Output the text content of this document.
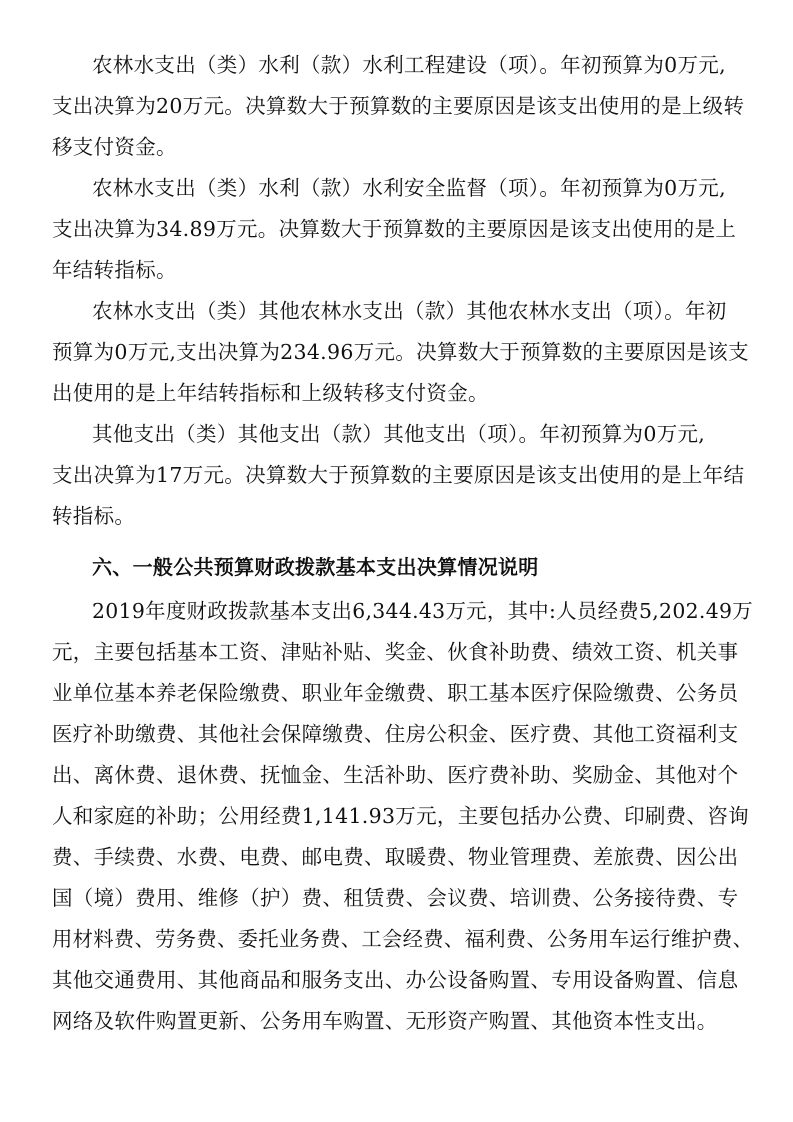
农林水支出（类）水利（款）水利工程建设（项）。年初预算为0万元,
支出决算为20万元。决算数大于预算数的主要原因是该支出使用的是上级转
移支付资金。
农林水支出（类）水利（款）水利安全监督（项）。年初预算为0万元,
支出决算为34.89万元。决算数大于预算数的主要原因是该支出使用的是上
年结转指标。
农林水支出（类）其他农林水支出（款）其他农林水支出（项）。年初
预算为0万元,支出决算为234.96万元。决算数大于预算数的主要原因是该支
出使用的是上年结转指标和上级转移支付资金。
其他支出（类）其他支出（款）其他支出（项）。年初预算为0万元,
支出决算为17万元。决算数大于预算数的主要原因是该支出使用的是上年结
转指标。
六、一般公共预算财政拨款基本支出决算情况说明
2019年度财政拨款基本支出6,344.43万元，其中:人员经费5,202.49万
元，主要包括基本工资、津贴补贴、奖金、伙食补助费、绩效工资、机关事
业单位基本养老保险缴费、职业年金缴费、职工基本医疗保险缴费、公务员
医疗补助缴费、其他社会保障缴费、住房公积金、医疗费、其他工资福利支
出、离休费、退休费、抚恤金、生活补助、医疗费补助、奖励金、其他对个
人和家庭的补助；公用经费1,141.93万元，主要包括办公费、印刷费、咨询
费、手续费、水费、电费、邮电费、取暖费、物业管理费、差旅费、因公出
国（境）费用、维修（护）费、租赁费、会议费、培训费、公务接待费、专
用材料费、劳务费、委托业务费、工会经费、福利费、公务用车运行维护费、
其他交通费用、其他商品和服务支出、办公设备购置、专用设备购置、信息
网络及软件购置更新、公务用车购置、无形资产购置、其他资本性支出。
